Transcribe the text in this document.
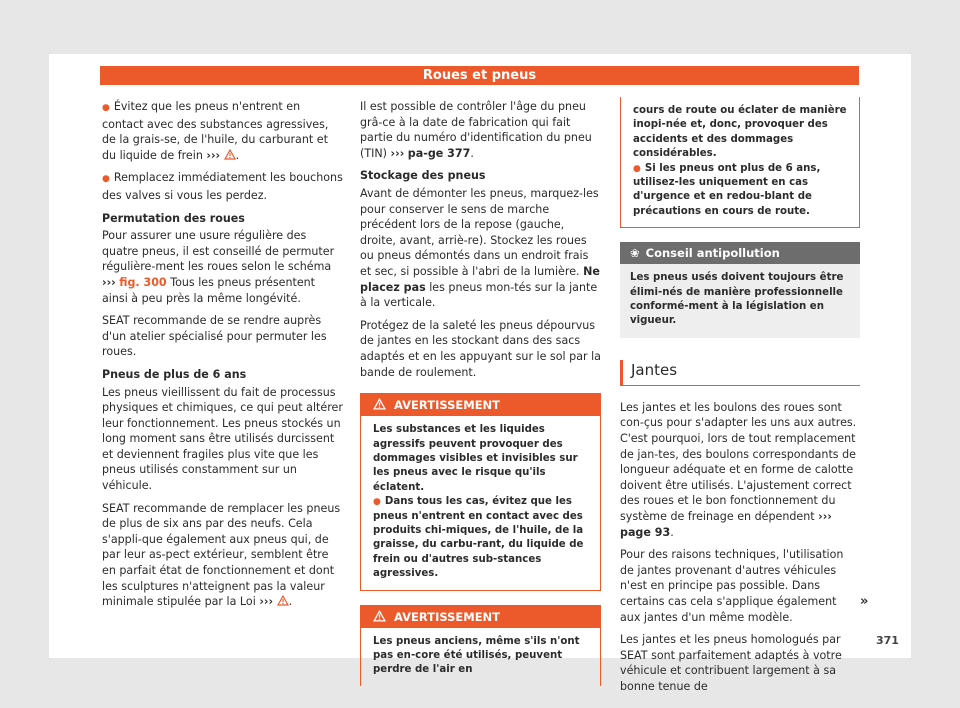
Roues et pneus

● Évitez que les pneus n'entrent en contact avec des substances agressives, de la grais-se, de l'huile, du carburant et du liquide de frein ››› .

● Remplacez immédiatement les bouchons des valves si vous les perdez.

Permutation des roues

Pour assurer une usure régulière des quatre pneus, il est conseillé de permuter régulière-ment les roues selon le schéma ››› fig. 300 Tous les pneus présentent ainsi à peu près la même longévité.

SEAT recommande de se rendre auprès d'un atelier spécialisé pour permuter les roues.

Pneus de plus de 6 ans

Les pneus vieillissent du fait de processus physiques et chimiques, ce qui peut altérer leur fonctionnement. Les pneus stockés un long moment sans être utilisés durcissent et deviennent fragiles plus vite que les pneus utilisés constamment sur un véhicule.

SEAT recommande de remplacer les pneus de plus de six ans par des neufs. Cela s'appli-que également aux pneus qui, de par leur as-pect extérieur, semblent être en parfait état de fonctionnement et dont les sculptures n'atteignent pas la valeur minimale stipulée par la Loi ››› .

Il est possible de contrôler l'âge du pneu grâ-ce à la date de fabrication qui fait partie du numéro d'identification du pneu (TIN) ››› pa-ge 377.

Stockage des pneus

Avant de démonter les pneus, marquez-les pour conserver le sens de marche précédent lors de la repose (gauche, droite, avant, arriè-re). Stockez les roues ou pneus démontés dans un endroit frais et sec, si possible à l'abri de la lumière. Ne placez pas les pneus mon-tés sur la jante à la verticale.

Protégez de la saleté les pneus dépourvus de jantes en les stockant dans des sacs adaptés et en les appuyant sur le sol par la bande de roulement.

AVERTISSEMENT

Les substances et les liquides agressifs peuvent provoquer des dommages visibles et invisibles sur les pneus avec le risque qu'ils éclatent.

● Dans tous les cas, évitez que les pneus n'entrent en contact avec des produits chi-miques, de l'huile, de la graisse, du carbu-rant, du liquide de frein ou d'autres sub-stances agressives.

AVERTISSEMENT

Les pneus anciens, même s'ils n'ont pas en-core été utilisés, peuvent perdre de l'air en

cours de route ou éclater de manière inopi-née et, donc, provoquer des accidents et des dommages considérables.

● Si les pneus ont plus de 6 ans, utilisez-les uniquement en cas d'urgence et en redou-blant de précautions en cours de route.

❀ Conseil antipollution
Les pneus usés doivent toujours être élimi-nés de manière professionnelle conformé-ment à la législation en vigueur.
Jantes

Les jantes et les boulons des roues sont con-çus pour s'adapter les uns aux autres. C'est pourquoi, lors de tout remplacement de jan-tes, des boulons correspondants de longueur adéquate et en forme de calotte doivent être utilisés. L'ajustement correct des roues et le bon fonctionnement du système de freinage en dépendent ››› page 93.

Pour des raisons techniques, l'utilisation de jantes provenant d'autres véhicules n'est en principe pas possible. Dans certains cas cela s'applique également aux jantes d'un même modèle.

Les jantes et les pneus homologués par SEAT sont parfaitement adaptés à votre véhicule et contribuent largement à sa bonne tenue de

»
371
